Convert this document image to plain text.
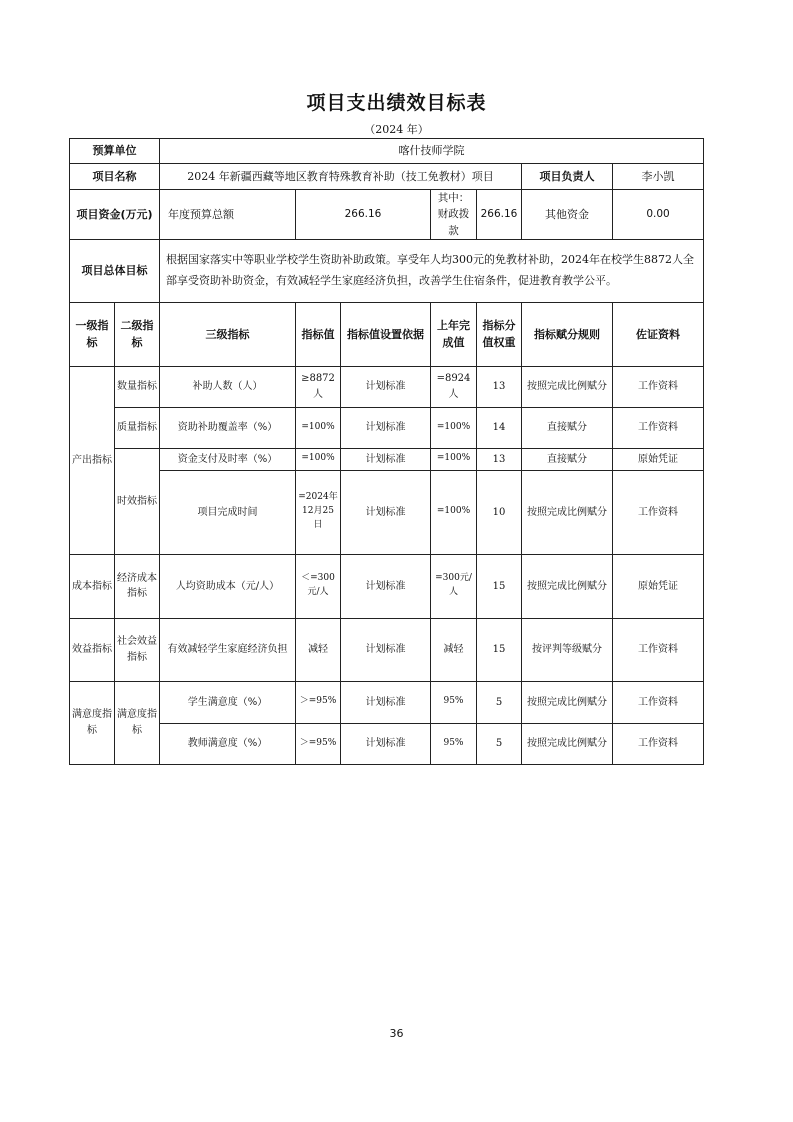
项目支出绩效目标表
（2024 年）
预算单位		喀什技师学院						
项目名称		2024 年新疆西藏等地区教育特殊教育补助（技工免教材）项目					项目负责人	李小凯
项目资金(万元)		年度预算总额	266.16		其中：财政拨款	266.16	其他资金	0.00
项目总体目标		根据国家落实中等职业学校学生资助补助政策。享受年人均300元的免教材补助，2024年在校学生8872人全部享受资助补助资金，有效减轻学生家庭经济负担，改善学生住宿条件，促进教育教学公平。						
一级指标	二级指标	三级指标	指标值	指标值设置依据	上年完成值	指标分值权重	指标赋分规则	佐证资料
产出指标	数量指标	补助人数（人）	≥8872 人	计划标准	=8924 人	13	按照完成比例赋分	工作资料
	质量指标	资助补助覆盖率（%）	=100%	计划标准	=100%	14	直接赋分	工作资料
	时效指标	资金支付及时率（%）	=100%	计划标准	=100%	13	直接赋分	原始凭证
		项目完成时间	=2024年12月25日	计划标准	=100%	10	按照完成比例赋分	工作资料
成本指标	经济成本指标	人均资助成本（元/人）	＜=300元/人	计划标准	=300元/人	15	按照完成比例赋分	原始凭证
效益指标	社会效益指标	有效减轻学生家庭经济负担	减轻	计划标准	减轻	15	按评判等级赋分	工作资料
满意度指标	满意度指标	学生满意度（%）	＞=95%	计划标准	95%	5	按照完成比例赋分	工作资料
		教师满意度（%）	＞=95%	计划标准	95%	5	按照完成比例赋分	工作资料
36
